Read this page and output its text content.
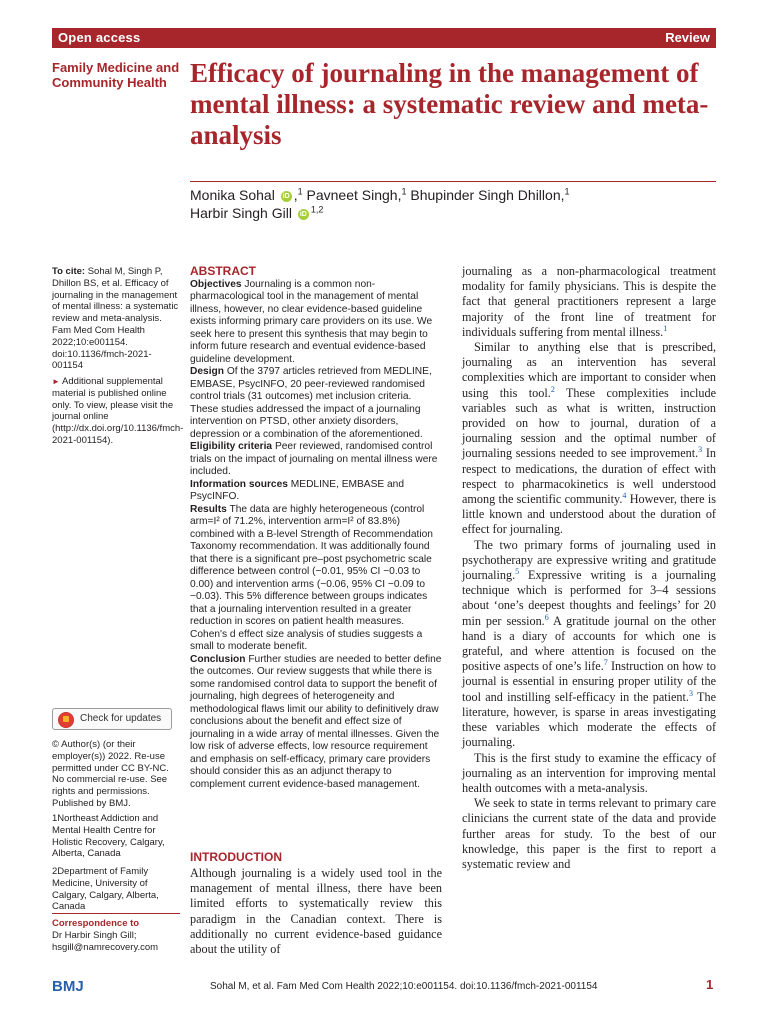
Open access	Review
Family Medicine and Community Health Efficacy of journaling in the management of mental illness: a systematic review and meta-analysis
Monika Sohal iD ,$^1$ Pavneet Singh,$^1$ Bhupinder Singh Dhillon,$^1$
Harbir Singh Gill iD $^{1,2}$
To cite: Sohal M, Singh P, Dhillon BS, et al. Efficacy of journaling in the management of mental illness: a systematic review and meta-analysis. Fam Med Com Health 2022;10:e001154. doi:10.1136/fmch-2021-001154
► Additional supplemental material is published online only. To view, please visit the journal online (http://dx.doi.org/10.1136/fmch-2021-001154).
Check for updates
© Author(s) (or their employer(s)) 2022. Re-use permitted under CC BY-NC. No commercial re-use. See rights and permissions. Published by BMJ.
1Northeast Addiction and Mental Health Centre for Holistic Recovery, Calgary, Alberta, Canada
2Department of Family Medicine, University of Calgary, Calgary, Alberta, Canada
Correspondence to
Dr Harbir Singh Gill;
hsgill@namrecovery.com
ABSTRACT

Objectives Journaling is a common non-pharmacological tool in the management of mental illness, however, no clear evidence-based guideline exists informing primary care providers on its use. We seek here to present this synthesis that may begin to inform future research and eventual evidence-based guideline development.

Design Of the 3797 articles retrieved from MEDLINE, EMBASE, PsycINFO, 20 peer-reviewed randomised control trials (31 outcomes) met inclusion criteria. These studies addressed the impact of a journaling intervention on PTSD, other anxiety disorders, depression or a combination of the aforementioned.

Eligibility criteria Peer reviewed, randomised control trials on the impact of journaling on mental illness were included.

Information sources MEDLINE, EMBASE and PsycINFO.

Results The data are highly heterogeneous (control arm=I² of 71.2%, intervention arm=I² of 83.8%) combined with a B-level Strength of Recommendation Taxonomy recommendation. It was additionally found that there is a significant pre–post psychometric scale difference between control (−0.01, 95% CI −0.03 to 0.00) and intervention arms (−0.06, 95% CI −0.09 to −0.03). This 5% difference between groups indicates that a journaling intervention resulted in a greater reduction in scores on patient health measures. Cohen's d effect size analysis of studies suggests a small to moderate benefit.

Conclusion Further studies are needed to better define the outcomes. Our review suggests that while there is some randomised control data to support the benefit of journaling, high degrees of heterogeneity and methodological flaws limit our ability to definitively draw conclusions about the benefit and effect size of journaling in a wide array of mental illnesses. Given the low risk of adverse effects, low resource requirement and emphasis on self-efficacy, primary care providers should consider this as an adjunct therapy to complement current evidence-based management.

INTRODUCTION

Although journaling is a widely used tool in the management of mental illness, there have been limited efforts to systematically review this paradigm in the Canadian context. There is additionally no current evidence-based guidance about the utility of

journaling as a non-pharmacological treatment modality for family physicians. This is despite the fact that general practitioners represent a large majority of the front line of treatment for individuals suffering from mental illness.$^1$

Similar to anything else that is prescribed, journaling as an intervention has several complexities which are important to consider when using this tool.$^2$ These complexities include variables such as what is written, instruction provided on how to journal, duration of a journaling session and the optimal number of journaling sessions needed to see improvement.$^3$ In respect to medications, the duration of effect with respect to pharmacokinetics is well understood among the scientific community.$^4$ However, there is little known and understood about the duration of effect for journaling.

The two primary forms of journaling used in psychotherapy are expressive writing and gratitude journaling.$^5$ Expressive writing is a journaling technique which is performed for 3–4 sessions about ‘one’s deepest thoughts and feelings’ for 20 min per session.$^6$ A gratitude journal on the other hand is a diary of accounts for which one is grateful, and where attention is focused on the positive aspects of one’s life.$^7$ Instruction on how to journal is essential in ensuring proper utility of the tool and instilling self-efficacy in the patient.$^3$ The literature, however, is sparse in areas investigating these variables which moderate the effects of journaling.

This is the first study to examine the efficacy of journaling as an intervention for improving mental health outcomes with a meta-analysis.

We seek to state in terms relevant to primary care clinicians the current state of the data and provide further areas for study. To the best of our knowledge, this paper is the first to report a systematic review and

BMJ	Sohal M, et al. Fam Med Com Health 2022;10:e001154. doi:10.1136/fmch-2021-001154	1
